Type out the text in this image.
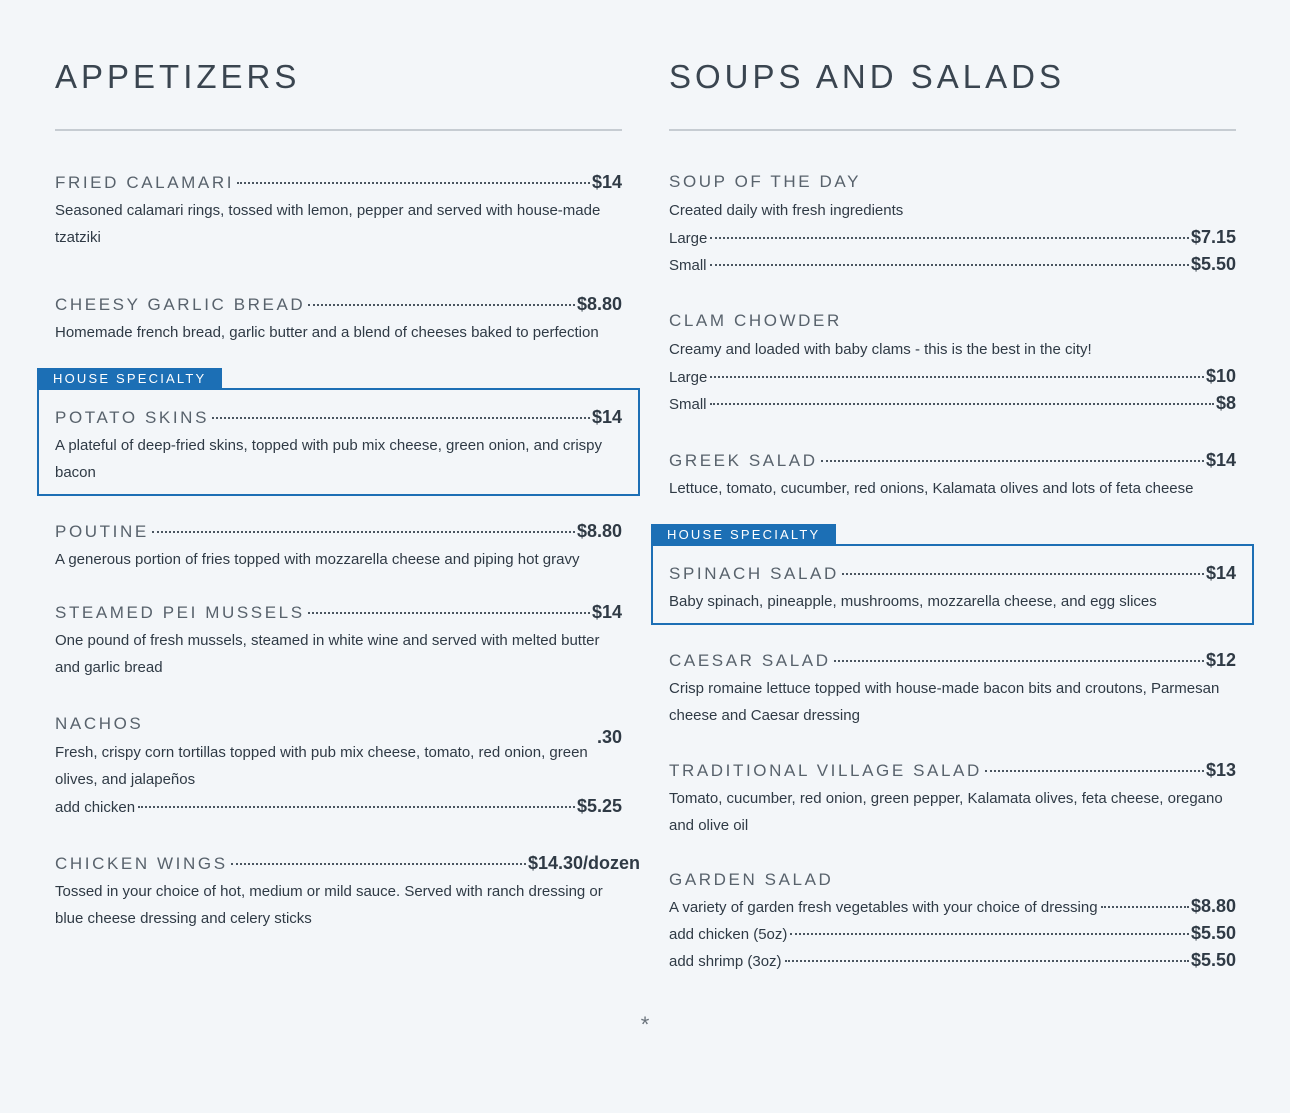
APPETIZERS
FRIED CALAMARI	$14
Seasoned calamari rings, tossed with lemon, pepper and served with house-made tzatziki
CHEESY GARLIC BREAD	$8.80
Homemade french bread, garlic butter and a blend of cheeses baked to perfection
HOUSE SPECIALTY
POTATO SKINS	$14
A plateful of deep-fried skins, topped with pub mix cheese, green onion, and crispy bacon
POUTINE	$8.80
A generous portion of fries topped with mozzarella cheese and piping hot gravy
STEAMED PEI MUSSELS	$14
One pound of fresh mussels, steamed in white wine and served with melted butter and garlic bread
NACHOS
Fresh, crispy corn tortillas topped with pub mix cheese, tomato, red onion, green olives, and jalapeños
.30
add chicken	$5.25
CHICKEN WINGS	$14.30/dozen
Tossed in your choice of hot, medium or mild sauce. Served with ranch dressing or blue cheese dressing and celery sticks
SOUPS AND SALADS
SOUP OF THE DAY
Created daily with fresh ingredients
Large	$7.15
Small	$5.50
CLAM CHOWDER
Creamy and loaded with baby clams - this is the best in the city!
Large	$10
Small	$8
GREEK SALAD	$14
Lettuce, tomato, cucumber, red onions, Kalamata olives and lots of feta cheese
HOUSE SPECIALTY
SPINACH SALAD	$14
Baby spinach, pineapple, mushrooms, mozzarella cheese, and egg slices
CAESAR SALAD	$12
Crisp romaine lettuce topped with house-made bacon bits and croutons, Parmesan cheese and Caesar dressing
TRADITIONAL VILLAGE SALAD	$13
Tomato, cucumber, red onion, green pepper, Kalamata olives, feta cheese, oregano and olive oil
GARDEN SALAD
A variety of garden fresh vegetables with your choice of dressing	$8.80
add chicken (5oz)	$5.50
add shrimp (3oz)	$5.50
*
